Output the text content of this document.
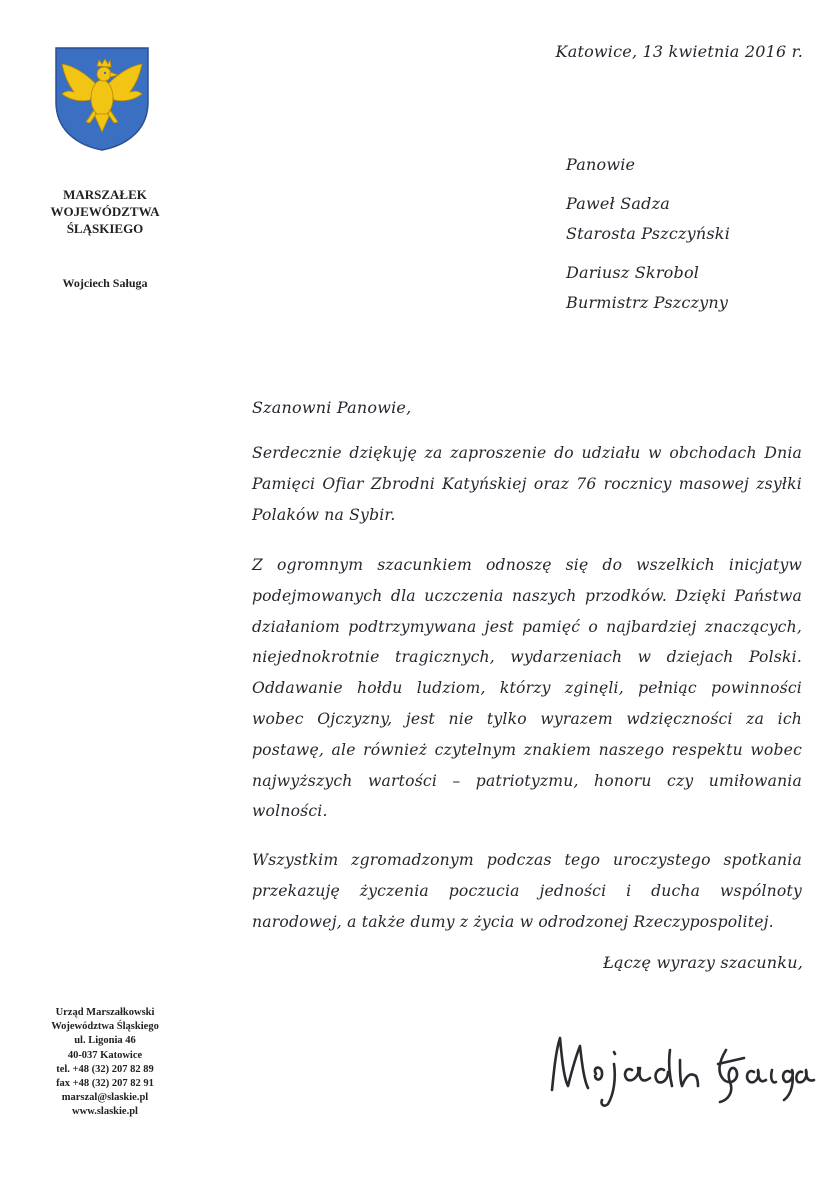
MARSZAŁEK
WOJEWÓDZTWA
ŚLĄSKIEGO
Wojciech Saługa
Katowice, 13 kwietnia 2016 r.
Panowie
Paweł Sadza
Starosta Pszczyński
Dariusz Skrobol
Burmistrz Pszczyny
Szanowni Panowie,
Serdecznie dziękuję za zaproszenie do udziału w obchodach Dnia Pamięci Ofiar Zbrodni Katyńskiej oraz 76 rocznicy masowej zsyłki Polaków na Sybir.
Z ogromnym szacunkiem odnoszę się do wszelkich inicjatyw podejmowanych dla uczczenia naszych przodków. Dzięki Państwa działaniom podtrzymywana jest pamięć o najbardziej znaczących, niejednokrotnie tragicznych, wydarzeniach w dziejach Polski. Oddawanie hołdu ludziom, którzy zginęli, pełniąc powinności wobec Ojczyzny, jest nie tylko wyrazem wdzięczności za ich postawę, ale również czytelnym znakiem naszego respektu wobec najwyższych wartości – patriotyzmu, honoru czy umiłowania wolności.
Wszystkim zgromadzonym podczas tego uroczystego spotkania przekazuję życzenia poczucia jedności i ducha wspólnoty narodowej, a także dumy z życia w odrodzonej Rzeczypospolitej.
Łączę wyrazy szacunku,
Urząd Marszałkowski
Województwa Śląskiego
ul. Ligonia 46
40-037 Katowice
tel. +48 (32) 207 82 89
fax +48 (32) 207 82 91
marszal@slaskie.pl
www.slaskie.pl
